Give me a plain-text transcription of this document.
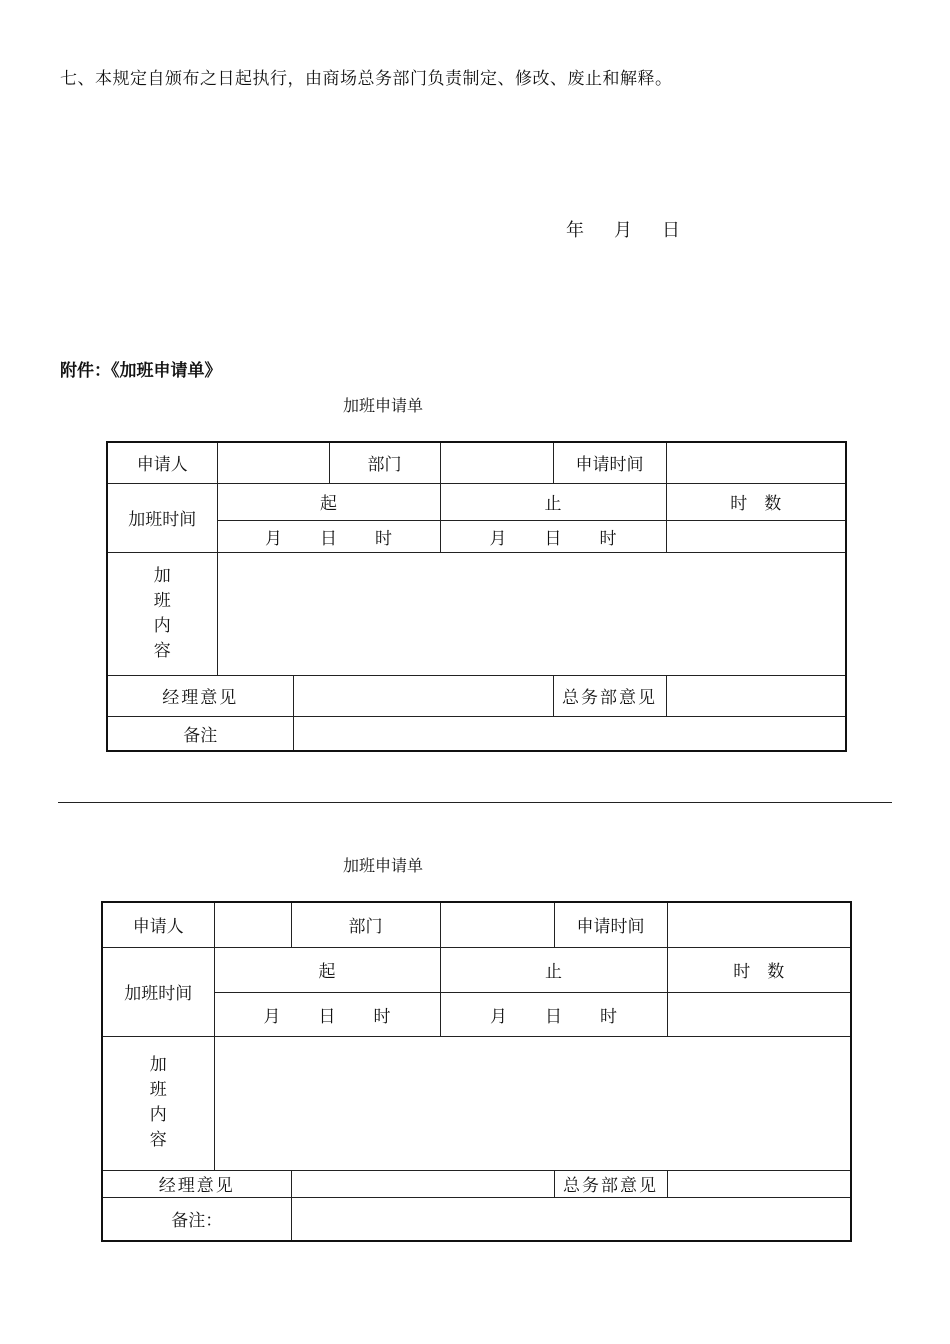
七、本规定自颁布之日起执行，由商场总务部门负责制定、修改、废止和解释。
年 月 日
附件：《加班申请单》
加班申请单
申请人			部门		申请时间	
加班时间	起			止		时　数

	月 日 时			月 日 时		

加
班
内
容						

经理意见					总务部意见	
备注						
加班申请单
申请人		部门		申请时间	
加班时间	起		止		时　数

	月 日 时		月 日 时		

加
班
内
容					

经理意见				总务部意见	
备注：					
